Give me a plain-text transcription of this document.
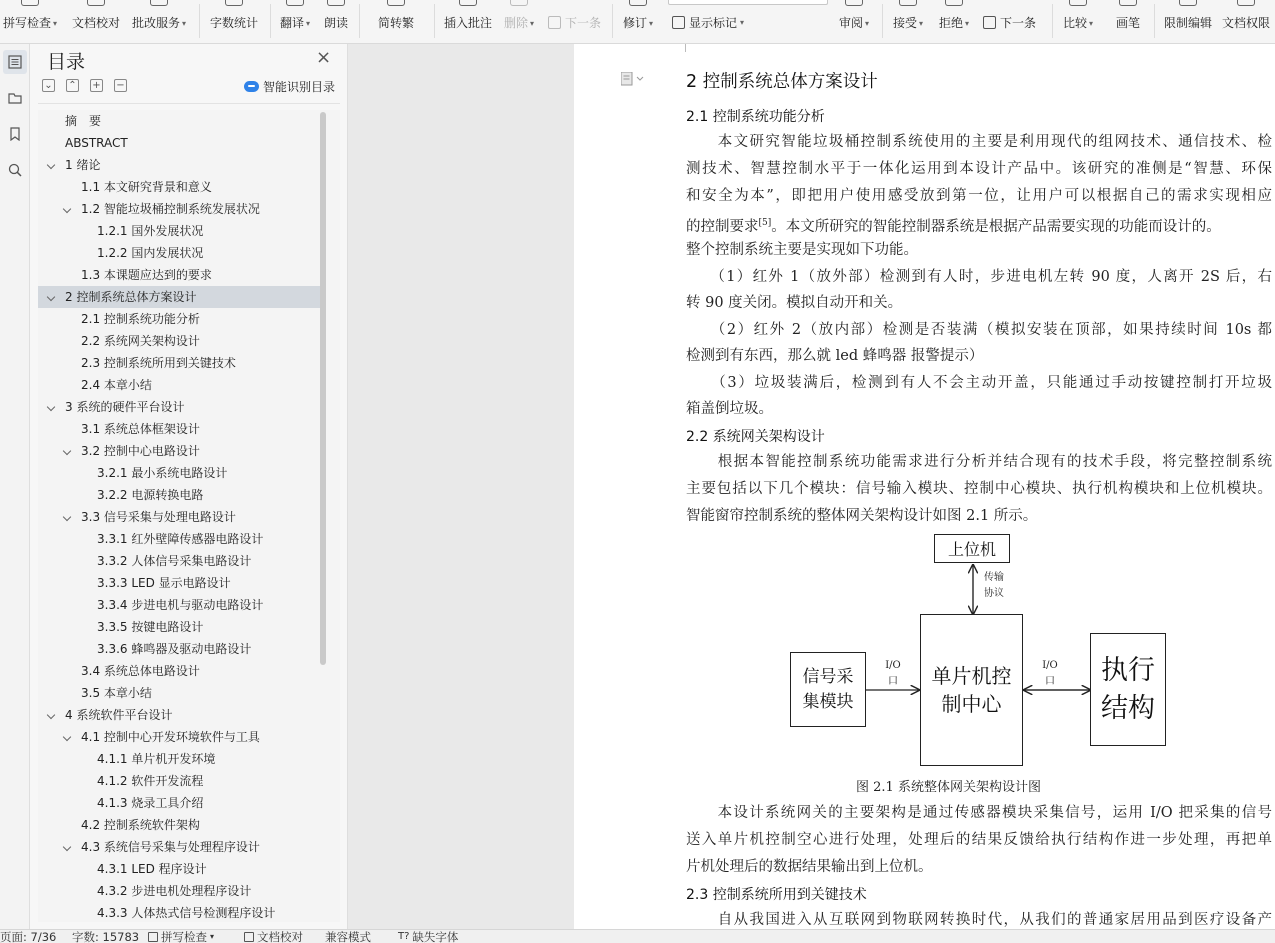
拼写检查 ▾	文档校对 批改服务 ▾	字数统计	翻译 ▾	朗读	简转繁	插入批注 删除 ▾	下一条	修订 ▾	显示标记 ▾	审阅 ▾	接受 ▾	拒绝 ▾	下一条	比较 ▾	画笔	限制编辑 文档权限
目录	×
⌄ ⌃ + −	智能识别目录
摘　要
ABSTRACT
1 绪论
1.1 本文研究背景和意义
1.2 智能垃圾桶控制系统发展状况
1.2.1 国外发展状况
1.2.2 国内发展状况
1.3 本课题应达到的要求
2 控制系统总体方案设计
2.1 控制系统功能分析
2.2 系统网关架构设计
2.3 控制系统所用到关键技术
2.4 本章小结
3 系统的硬件平台设计
3.1 系统总体框架设计
3.2 控制中心电路设计
3.2.1 最小系统电路设计
3.2.2 电源转换电路
3.3 信号采集与处理电路设计
3.3.1 红外壁障传感器电路设计
3.3.2 人体信号采集电路设计
3.3.3 LED 显示电路设计
3.3.4 步进电机与驱动电路设计
3.3.5 按键电路设计
3.3.6 蜂鸣器及驱动电路设计
3.4 系统总体电路设计
3.5 本章小结
4 系统软件平台设计
4.1 控制中心开发环境软件与工具
4.1.1 单片机开发环境
4.1.2 软件开发流程
4.1.3 烧录工具介绍
4.2 控制系统软件架构
4.3 系统信号采集与处理程序设计
4.3.1 LED 程序设计
4.3.2 步进电机处理程序设计
4.3.3 人体热式信号检测程序设计
2 控制系统总体方案设计
2.1 控制系统功能分析
　　本文研究智能垃圾桶控制系统使用的主要是利用现代的组网技术、通信技术、检
测技术、智慧控制水平于一体化运用到本设计产品中。该研究的准侧是“智慧、环保
和安全为本”，即把用户使用感受放到第一位，让用户可以根据自己的需求实现相应
的控制要求[5]。本文所研究的智能控制器系统是根据产品需要实现的功能而设计的。
整个控制系统主要是实现如下功能。
　　（1）红外 1（放外部）检测到有人时，步进电机左转 90 度，人离开 2S 后，右
转 90 度关闭。模拟自动开和关。
　　（2）红外 2（放内部）检测是否装满（模拟安装在顶部，如果持续时间 10s 都
检测到有东西，那么就 led 蜂鸣器 报警提示）
　　（3）垃圾装满后，检测到有人不会主动开盖，只能通过手动按键控制打开垃圾
箱盖倒垃圾。
2.2 系统网关架构设计
　　根据本智能控制系统功能需求进行分析并结合现有的技术手段，将完整控制系统
主要包括以下几个模块：信号输入模块、控制中心模块、执行机构模块和上位机模块。
智能窗帘控制系统的整体网关架构设计如图 2.1 所示。
上位机
传输协议
单片机控制中心
信号采集模块
执行结构
I/O口
I/O口
图 2.1 系统整体网关架构设计图
　　本设计系统网关的主要架构是通过传感器模块采集信号，运用 I/O 把采集的信号
送入单片机控制空心进行处理，处理后的结果反馈给执行结构作进一步处理，再把单
片机处理后的数据结果输出到上位机。
2.3 控制系统所用到关键技术
　　自从我国进入从互联网到物联网转换时代，从我们的普通家居用品到医疗设备产
页面: 7/36 字数: 15783 拼写检查 ▾	文档校对 兼容模式	T? 缺失字体
